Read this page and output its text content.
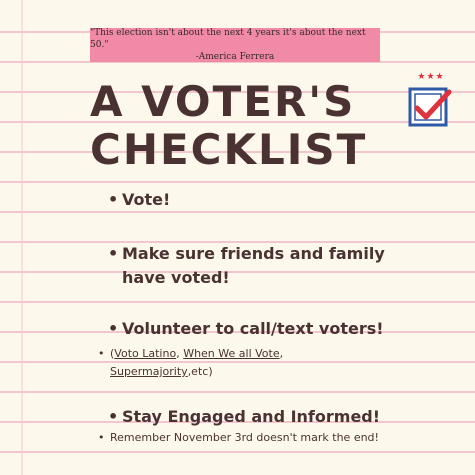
"This election isn't about the next 4 years it's about the next 50."
-America Ferrera
A VOTER'S
CHECKLIST
★★★
• Vote!
• Make sure friends and family have voted!
• Volunteer to call/text voters!
• (Voto Latino, When We all Vote,
Supermajority,etc)
• Stay Engaged and Informed!
• Remember November 3rd doesn't mark the end!
